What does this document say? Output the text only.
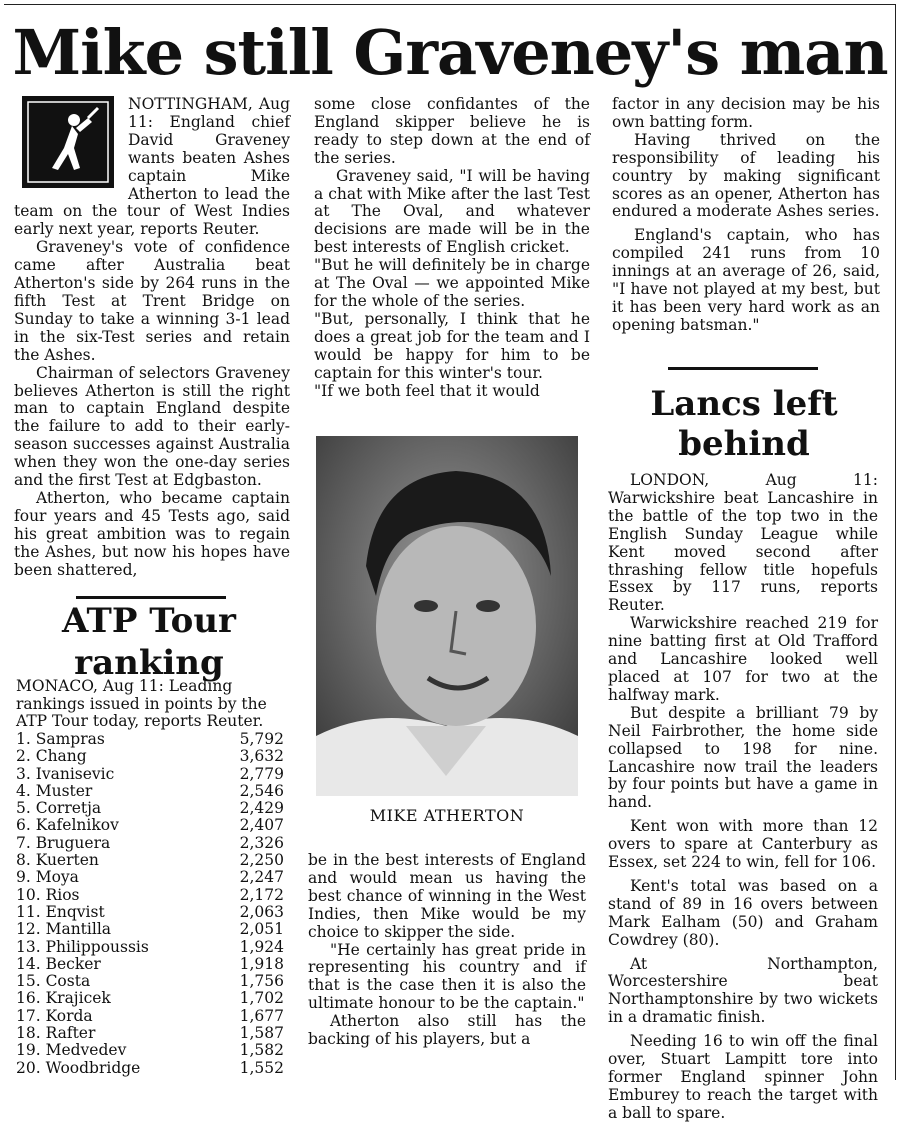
Mike still Graveney's man

NOTTINGHAM, Aug 11: England chief David Graveney wants beaten Ashes captain Mike Atherton to lead the team on the tour of West Indies early next year, reports Reuter.

Graveney's vote of confidence came after Australia beat Atherton's side by 264 runs in the fifth Test at Trent Bridge on Sunday to take a winning 3-1 lead in the six-Test series and retain the Ashes.

Chairman of selectors Graveney believes Atherton is still the right man to captain England despite the failure to add to their early-season successes against Australia when they won the one-day series and the first Test at Edgbaston.

Atherton, who became captain four years and 45 Tests ago, said his great ambition was to regain the Ashes, but now his hopes have been shattered,

ATP Tour ranking
MONACO, Aug 11: Leading rankings issued in points by the ATP Tour today, reports Reuter.
1. Sampras	5,792
2. Chang	3,632
3. Ivanisevic	2,779
4. Muster	2,546
5. Corretja	2,429
6. Kafelnikov	2,407
7. Bruguera	2,326
8. Kuerten	2,250
9. Moya	2,247
10. Rios	2,172
11. Enqvist	2,063
12. Mantilla	2,051
13. Philippoussis	1,924
14. Becker	1,918
15. Costa	1,756
16. Krajicek	1,702
17. Korda	1,677
18. Rafter	1,587
19. Medvedev	1,582
20. Woodbridge	1,552

some close confidantes of the England skipper believe he is ready to step down at the end of the series.

Graveney said, "I will be having a chat with Mike after the last Test at The Oval, and whatever decisions are made will be in the best interests of English cricket.

"But he will definitely be in charge at The Oval — we appointed Mike for the whole of the series.

"But, personally, I think that he does a great job for the team and I would be happy for him to be captain for this winter's tour.

"If we both feel that it would

MIKE ATHERTON

be in the best interests of England and would mean us having the best chance of winning in the West Indies, then Mike would be my choice to skipper the side.

"He certainly has great pride in representing his country and if that is the case then it is also the ultimate honour to be the captain."

Atherton also still has the backing of his players, but a

factor in any decision may be his own batting form.

Having thrived on the responsibility of leading his country by making significant scores as an opener, Atherton has endured a moderate Ashes series.

England's captain, who has compiled 241 runs from 10 innings at an average of 26, said, "I have not played at my best, but it has been very hard work as an opening batsman."

Lancs left behind

LONDON, Aug 11: Warwickshire beat Lancashire in the battle of the top two in the English Sunday League while Kent moved second after thrashing fellow title hopefuls Essex by 117 runs, reports Reuter.

Warwickshire reached 219 for nine batting first at Old Trafford and Lancashire looked well placed at 107 for two at the halfway mark.

But despite a brilliant 79 by Neil Fairbrother, the home side collapsed to 198 for nine. Lancashire now trail the leaders by four points but have a game in hand.

Kent won with more than 12 overs to spare at Canterbury as Essex, set 224 to win, fell for 106.

Kent's total was based on a stand of 89 in 16 overs between Mark Ealham (50) and Graham Cowdrey (80).

At Northampton, Worcestershire beat Northamptonshire by two wickets in a dramatic finish.

Needing 16 to win off the final over, Stuart Lampitt tore into former England spinner John Emburey to reach the target with a ball to spare.
